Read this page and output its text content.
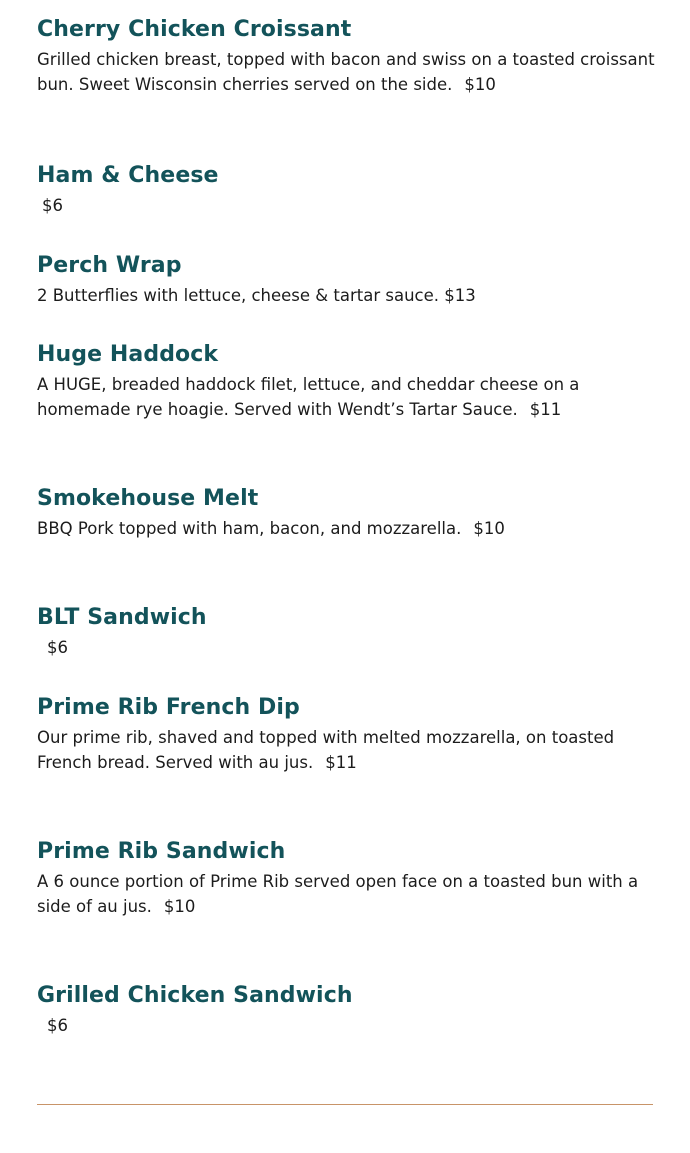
Cherry Chicken Croissant

Grilled chicken breast, topped with bacon and swiss on a toasted croissant bun. Sweet Wisconsin cherries served on the side. $10

Ham & Cheese

$6

Perch Wrap

2 Butterflies with lettuce, cheese & tartar sauce. $13

Huge Haddock

A HUGE, breaded haddock filet, lettuce, and cheddar cheese on a homemade rye hoagie. Served with Wendt’s Tartar Sauce. $11

Smokehouse Melt

BBQ Pork topped with ham, bacon, and mozzarella. $10

BLT Sandwich

$6

Prime Rib French Dip

Our prime rib, shaved and topped with melted mozzarella, on toasted French bread. Served with au jus. $11

Prime Rib Sandwich

A 6 ounce portion of Prime Rib served open face on a toasted bun with a side of au jus. $10

Grilled Chicken Sandwich

$6
